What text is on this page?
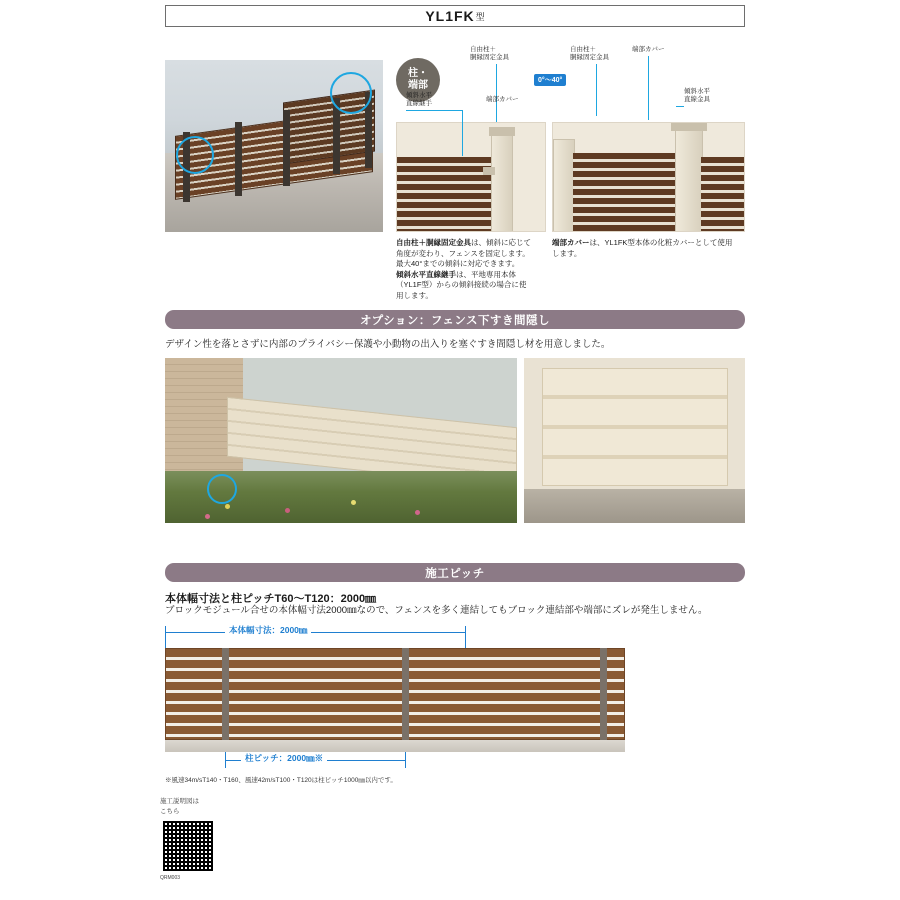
YL1FK 型
柱・
端部
自由柱＋
胴縁固定金具
傾斜水平
直線継手
端部カバー
自由柱＋
胴縁固定金具
端部カバー
傾斜水平
直線金具
0°〜40°
自由柱＋胴縁固定金具は、傾斜に応じて
角度が変わり、フェンスを固定します。
最大40°までの傾斜に対応できます。
傾斜水平直線継手は、平地専用本体
（YL1F型）からの傾斜接続の場合に使
用します。
端部カバーは、YL1FK型本体の化粧カバーとして使用
します。
オプション：フェンス下すき間隠し
デザイン性を落とさずに内部のプライバシー保護や小動物の出入りを塞ぐすき間隠し材を用意しました。
施工ピッチ
本体幅寸法と柱ピッチT60〜T120：2000㎜
ブロックモジュール合せの本体幅寸法2000㎜なので、フェンスを多く連結してもブロック連結部や端部にズレが発生しません。
本体幅寸法：2000㎜
柱ピッチ：2000㎜※
※風速34m/sT140・T160、風速42m/sT100・T120は柱ピッチ1000㎜以内です。
施工説明図は
こちら
QRM003
